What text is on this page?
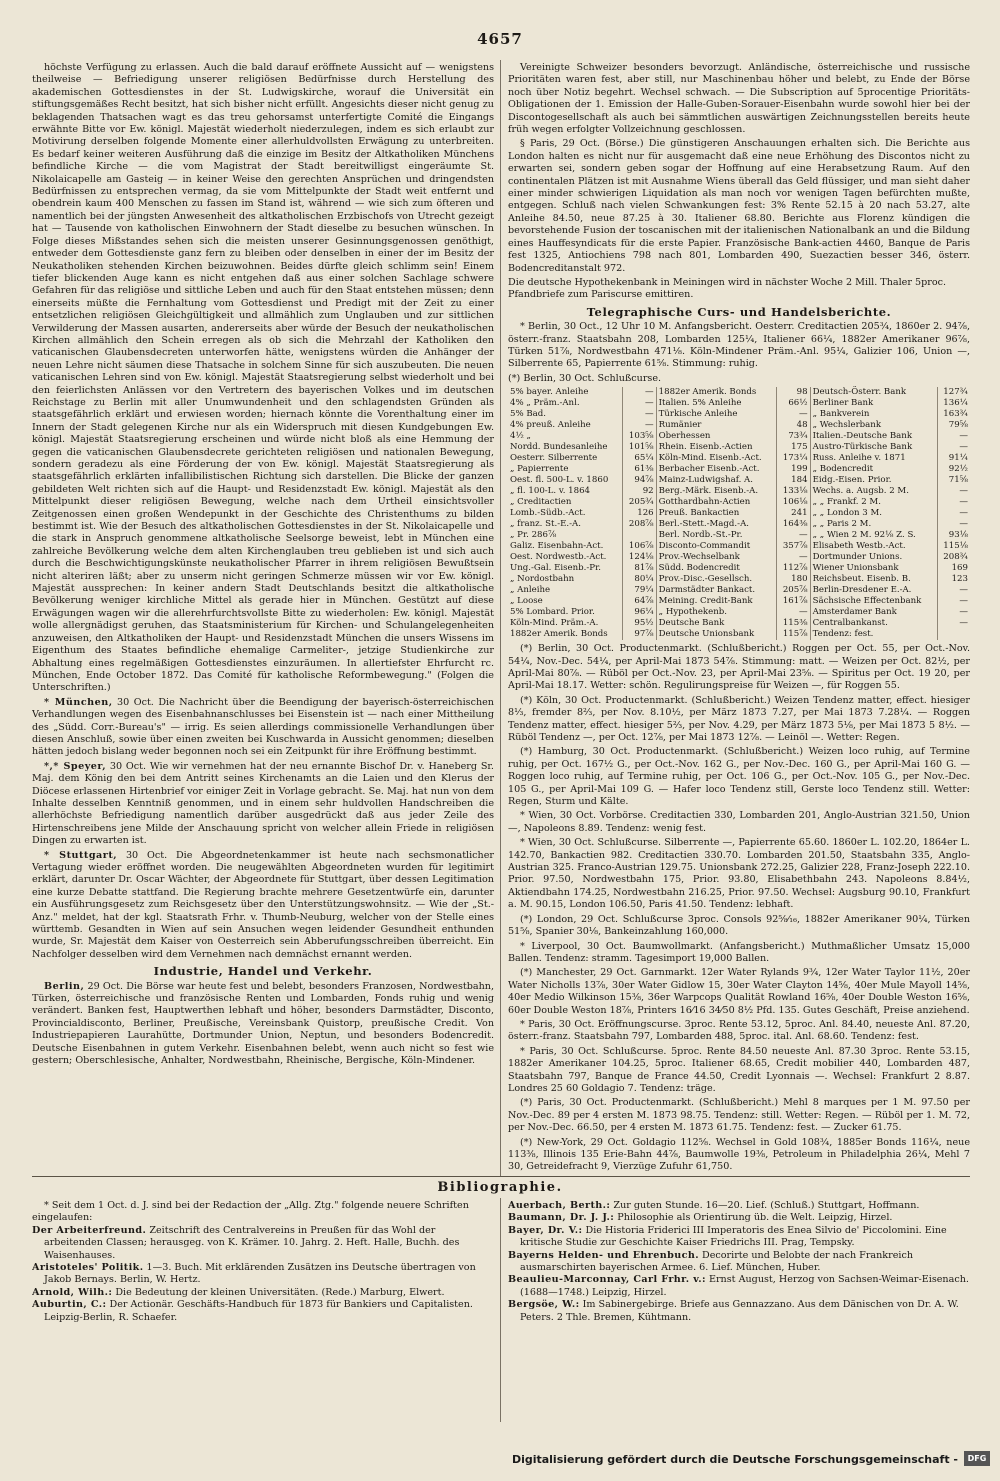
4657

höchste Verfügung zu erlassen. Auch die bald darauf eröffnete Aussicht auf — wenigstens theilweise — Befriedigung unserer religiösen Bedürfnisse durch Herstellung des akademischen Gottesdienstes in der St. Ludwigskirche, worauf die Universität ein stiftungsgemäßes Recht besitzt, hat sich bisher nicht erfüllt. Angesichts dieser nicht genug zu beklagenden Thatsachen wagt es das treu gehorsamst unterfertigte Comité die Eingangs erwähnte Bitte vor Ew. königl. Majestät wiederholt niederzulegen, indem es sich erlaubt zur Motivirung derselben folgende Momente einer allerhuldvollsten Erwägung zu unterbreiten. Es bedarf keiner weiteren Ausführung daß die einzige im Besitz der Altkatholiken Münchens befindliche Kirche — die vom Magistrat der Stadt bereitwilligst eingeräumte St. Nikolaicapelle am Gasteig — in keiner Weise den gerechten Ansprüchen und dringendsten Bedürfnissen zu entsprechen vermag, da sie vom Mittelpunkte der Stadt weit entfernt und obendrein kaum 400 Menschen zu fassen im Stand ist, während — wie sich zum öfteren und namentlich bei der jüngsten Anwesenheit des altkatholischen Erzbischofs von Utrecht gezeigt hat — Tausende von katholischen Einwohnern der Stadt dieselbe zu besuchen wünschen. In Folge dieses Mißstandes sehen sich die meisten unserer Gesinnungsgenossen genöthigt, entweder dem Gottesdienste ganz fern zu bleiben oder denselben in einer der im Besitz der Neukatholiken stehenden Kirchen beizuwohnen. Beides dürfte gleich schlimm sein! Einem tiefer blickenden Auge kann es nicht entgehen daß aus einer solchen Sachlage schwere Gefahren für das religiöse und sittliche Leben und auch für den Staat entstehen müssen; denn einerseits müßte die Fernhaltung vom Gottesdienst und Predigt mit der Zeit zu einer entsetzlichen religiösen Gleichgültigkeit und allmählich zum Unglauben und zur sittlichen Verwilderung der Massen ausarten, andererseits aber würde der Besuch der neukatholischen Kirchen allmählich den Schein erregen als ob sich die Mehrzahl der Katholiken den vaticanischen Glaubensdecreten unterworfen hätte, wenigstens würden die Anhänger der neuen Lehre nicht säumen diese Thatsache in solchem Sinne für sich auszubeuten. Die neuen vaticanischen Lehren sind von Ew. königl. Majestät Staatsregierung selbst wiederholt und bei den feierlichsten Anlässen vor den Vertretern des bayerischen Volkes und im deutschen Reichstage zu Berlin mit aller Unumwundenheit und den schlagendsten Gründen als staatsgefährlich erklärt und erwiesen worden; hiernach könnte die Vorenthaltung einer im Innern der Stadt gelegenen Kirche nur als ein Widerspruch mit diesen Kundgebungen Ew. königl. Majestät Staatsregierung erscheinen und würde nicht bloß als eine Hemmung der gegen die vaticanischen Glaubensdecrete gerichteten religiösen und nationalen Bewegung, sondern geradezu als eine Förderung der von Ew. königl. Majestät Staatsregierung als staatsgefährlich erklärten infallibilistischen Richtung sich darstellen. Die Blicke der ganzen gebildeten Welt richten sich auf die Haupt- und Residenzstadt Ew. königl. Majestät als den Mittelpunkt dieser religiösen Bewegung, welche nach dem Urtheil einsichtsvoller Zeitgenossen einen großen Wendepunkt in der Geschichte des Christenthums zu bilden bestimmt ist. Wie der Besuch des altkatholischen Gottesdienstes in der St. Nikolaicapelle und die stark in Anspruch genommene altkatholische Seelsorge beweist, lebt in München eine zahlreiche Bevölkerung welche dem alten Kirchenglauben treu geblieben ist und sich auch durch die Beschwichtigungskünste neukatholischer Pfarrer in ihrem religiösen Bewußtsein nicht alteriren läßt; aber zu unserm nicht geringen Schmerze müssen wir vor Ew. königl. Majestät aussprechen: In keiner andern Stadt Deutschlands besitzt die altkatholische Bevölkerung weniger kirchliche Mittel als gerade hier in München. Gestützt auf diese Erwägungen wagen wir die allerehrfurchtsvollste Bitte zu wiederholen: Ew. königl. Majestät wolle allergnädigst geruhen, das Staatsministerium für Kirchen- und Schulangelegenheiten anzuweisen, den Altkatholiken der Haupt- und Residenzstadt München die unsers Wissens im Eigenthum des Staates befindliche ehemalige Carmeliter-, jetzige Studienkirche zur Abhaltung eines regelmäßigen Gottesdienstes einzuräumen. In allertiefster Ehrfurcht rc. München, Ende October 1872. Das Comité für katholische Reformbewegung." (Folgen die Unterschriften.)

* München, 30 Oct. Die Nachricht über die Beendigung der bayerisch-österreichischen Verhandlungen wegen des Eisenbahnanschlusses bei Eisenstein ist — nach einer Mittheilung des „Südd. Corr.-Bureau's" — irrig. Es seien allerdings commissionelle Verhandlungen über diesen Anschluß, sowie über einen zweiten bei Kuschwarda in Aussicht genommen; dieselben hätten jedoch bislang weder begonnen noch sei ein Zeitpunkt für ihre Eröffnung bestimmt.

*,* Speyer, 30 Oct. Wie wir vernehmen hat der neu ernannte Bischof Dr. v. Haneberg Sr. Maj. dem König den bei dem Antritt seines Kirchenamts an die Laien und den Klerus der Diöcese erlassenen Hirtenbrief vor einiger Zeit in Vorlage gebracht. Se. Maj. hat nun von dem Inhalte desselben Kenntniß genommen, und in einem sehr huldvollen Handschreiben die allerhöchste Befriedigung namentlich darüber ausgedrückt daß aus jeder Zeile des Hirtenschreibens jene Milde der Anschauung spricht von welcher allein Friede in religiösen Dingen zu erwarten ist.

* Stuttgart, 30 Oct. Die Abgeordnetenkammer ist heute nach sechsmonatlicher Vertagung wieder eröffnet worden. Die neugewählten Abgeordneten wurden für legitimirt erklärt, darunter Dr. Oscar Wächter, der Abgeordnete für Stuttgart, über dessen Legitimation eine kurze Debatte stattfand. Die Regierung brachte mehrere Gesetzentwürfe ein, darunter ein Ausführungsgesetz zum Reichsgesetz über den Unterstützungswohnsitz. — Wie der „St.-Anz." meldet, hat der kgl. Staatsrath Frhr. v. Thumb-Neuburg, welcher von der Stelle eines württemb. Gesandten in Wien auf sein Ansuchen wegen leidender Gesundheit enthunden wurde, Sr. Majestät dem Kaiser von Oesterreich sein Abberufungsschreiben überreicht. Ein Nachfolger desselben wird dem Vernehmen nach demnächst ernannt werden.

Industrie, Handel und Verkehr.

Berlin, 29 Oct. Die Börse war heute fest und belebt, besonders Franzosen, Nordwestbahn, Türken, österreichische und französische Renten und Lombarden, Fonds ruhig und wenig verändert. Banken fest, Hauptwerthen lebhaft und höher, besonders Darmstädter, Disconto, Provincialdisconto, Berliner, Preußische, Vereinsbank Quistorp, preußische Credit. Von Industriepapieren Laurahütte, Dortmunder Union, Neptun, und besonders Bodencredit. Deutsche Eisenbahnen in gutem Verkehr. Eisenbahnen belebt, wenn auch nicht so fest wie gestern; Oberschlesische, Anhalter, Nordwestbahn, Rheinische, Bergische, Köln-Mindener.

Vereinigte Schweizer besonders bevorzugt. Anländische, österreichische und russische Prioritäten waren fest, aber still, nur Maschinenbau höher und belebt, zu Ende der Börse noch über Notiz begehrt. Wechsel schwach. — Die Subscription auf 5procentige Prioritäts-Obligationen der 1. Emission der Halle-Guben-Sorauer-Eisenbahn wurde sowohl hier bei der Discontogesellschaft als auch bei sämmtlichen auswärtigen Zeichnungsstellen bereits heute früh wegen erfolgter Vollzeichnung geschlossen.

§ Paris, 29 Oct. (Börse.) Die günstigeren Anschauungen erhalten sich. Die Berichte aus London halten es nicht nur für ausgemacht daß eine neue Erhöhung des Discontos nicht zu erwarten sei, sondern geben sogar der Hoffnung auf eine Herabsetzung Raum. Auf den continentalen Plätzen ist mit Ausnahme Wiens überall das Geld flüssiger, und man sieht daher einer minder schwierigen Liquidation als man noch vor wenigen Tagen befürchten mußte, entgegen. Schluß nach vielen Schwankungen fest: 3% Rente 52.15 à 20 nach 53.27, alte Anleihe 84.50, neue 87.25 à 30. Italiener 68.80. Berichte aus Florenz kündigen die bevorstehende Fusion der toscanischen mit der italienischen Nationalbank an und die Bildung eines Hauffesyndicats für die erste Papier. Französische Bank-actien 4460, Banque de Paris fest 1325, Antiochiens 798 nach 801, Lombarden 490, Suezactien besser 346, österr. Bodencreditanstalt 972.

Die deutsche Hypothekenbank in Meiningen wird in nächster Woche 2 Mill. Thaler 5proc. Pfandbriefe zum Pariscurse emittiren.

Telegraphische Curs- und Handelsberichte.

* Berlin, 30 Oct., 12 Uhr 10 M. Anfangsbericht. Oesterr. Creditactien 205¾, 1860er 2. 94⅞, österr.-franz. Staatsbahn 208, Lombarden 125¼, Italiener 66¼, 1882er Amerikaner 96⅞, Türken 51⅞, Nordwestbahn 471⅛. Köln-Mindener Präm.-Anl. 95¼, Galizier 106, Union —, Silberrente 65, Papierrente 61⅝. Stimmung: ruhig.

(*) Berlin, 30 Oct. Schlußcurse.

5% bayer. Anleihe	—	1882er Amerik. Bonds	98	Deutsch-Österr. Bank	127¾
4% „ Präm.-Anl.	—	Italien. 5% Anleihe	66½	Berliner Bank	136¼
5% Bad.	—	Türkische Anleihe	—	„ Bankverein	163¾
4% preuß. Anleihe	—	Rumänier	48	„ Wechslerbank	79⅝
4½ „	103⅝	Oberhessen	73¾	Italien.-Deutsche Bank	—
Nordd. Bundesanleihe	101⅝	Rhein. Eisenb.-Actien	175	Austro-Türkische Bank	—
Oesterr. Silberrente	65¼	Köln-Mind. Eisenb.-Act.	173¼	Russ. Anleihe v. 1871	91¼
„ Papierrente	61⅜	Berbacher Eisenb.-Act.	199	„ Bodencredit	92½
Oest. fl. 500-L. v. 1860	94⅞	Mainz-Ludwigshaf. A.	184	Eidg.-Eisen. Prior.	71⅝
„ fl. 100-L. v. 1864	92	Berg.-Märk. Eisenb.-A.	133⅛	Wechs. a. Augsb. 2 M.	—
„ Creditactien	205¾	Gotthardbahn-Actien	106⅛	„ „ Frankf. 2 M.	—
Lomb.-Südb.-Act.	126	Preuß. Bankactien	241	„ „ London 3 M.	—
„ franz. St.-E.-A.	208⅞	Berl.-Stett.-Magd.-A.	164⅜	„ „ Paris 2 M.	—
„ Pr. 286⅞		Berl. Nordb.-St.-Pr.	—	„ „ Wien 2 M. 92⅛ Z. S.	93⅛
Galiz. Eisenbahn-Act.	106⅞	Disconto-Commandit	357⅞	Elisabeth Westb.-Act.	115⅛
Oest. Nordwestb.-Act.	124⅛	Prov.-Wechselbank	—	Dortmunder Unions.	208¾
Ung.-Gal. Eisenb.-Pr.	81⅞	Südd. Bodencredit	112⅞	Wiener Unionsbank	169
„ Nordostbahn	80¼	Prov.-Disc.-Gesellsch.	180	Reichsbeut. Eisenb. B.	123
„ Anleihe	79¼	Darmstädter Bankact.	205⅞	Berlin-Dresdener E.-A.	—
„ Loose	64⅞	Meining. Credit-Bank	161⅞	Sächsische Effectenbank	—
5% Lombard. Prior.	96¼	„ Hypothekenb.	—	Amsterdamer Bank	—
Köln-Mind. Präm.-A.	95½	Deutsche Bank	115⅜	Centralbankanst.	—
1882er Amerik. Bonds	97⅞	Deutsche Unionsbank	115⅞	Tendenz: fest.	

(*) Berlin, 30 Oct. Productenmarkt. (Schlußbericht.) Roggen per Oct. 55, per Oct.-Nov. 54¼, Nov.-Dec. 54¼, per April-Mai 1873 54⅞. Stimmung: matt. — Weizen per Oct. 82½, per April-Mai 80⅞. — Rüböl per Oct.-Nov. 23, per April-Mai 23⅝. — Spiritus per Oct. 19 20, per April-Mai 18.17. Wetter: schön. Regulirungspreise für Weizen —, für Roggen 55.

(*) Köln, 30 Oct. Productenmarkt. (Schlußbericht.) Weizen Tendenz matter, effect. hiesiger 8⅓, fremder 8⅔, per Nov. 8.10½, per März 1873 7.27, per Mai 1873 7.28¼. — Roggen Tendenz matter, effect. hiesiger 5⅔, per Nov. 4.29, per März 1873 5⅛, per Mai 1873 5 8½. — Rüböl Tendenz —, per Oct. 12⅞, per Mai 1873 12⅞. — Leinöl —. Wetter: Regen.

(*) Hamburg, 30 Oct. Productenmarkt. (Schlußbericht.) Weizen loco ruhig, auf Termine ruhig, per Oct. 167½ G., per Oct.-Nov. 162 G., per Nov.-Dec. 160 G., per April-Mai 160 G. — Roggen loco ruhig, auf Termine ruhig, per Oct. 106 G., per Oct.-Nov. 105 G., per Nov.-Dec. 105 G., per April-Mai 109 G. — Hafer loco Tendenz still, Gerste loco Tendenz still. Wetter: Regen, Sturm und Kälte.

* Wien, 30 Oct. Vorbörse. Creditactien 330, Lombarden 201, Anglo-Austrian 321.50, Union —, Napoleons 8.89. Tendenz: wenig fest.

* Wien, 30 Oct. Schlußcurse. Silberrente —, Papierrente 65.60. 1860er L. 102.20, 1864er L. 142.70, Bankactien 982. Creditactien 330.70. Lombarden 201.50, Staatsbahn 335, Anglo-Austrian 325. Franco-Austrian 129.75. Unionsbank 272.25, Galizier 228, Franz-Joseph 222.10. Prior. 97.50, Nordwestbahn 175, Prior. 93.80, Elisabethbahn 243. Napoleons 8.84½, Aktiendbahn 174.25, Nordwestbahn 216.25, Prior. 97.50. Wechsel: Augsburg 90.10, Frankfurt a. M. 90.15, London 106.50, Paris 41.50. Tendenz: lebhaft.

(*) London, 29 Oct. Schlußcurse 3proc. Consols 92⅝⁄₁₆, 1882er Amerikaner 90¼, Türken 51⅝, Spanier 30⅛, Bankeinzahlung 160,000.

* Liverpool, 30 Oct. Baumwollmarkt. (Anfangsbericht.) Muthmaßlicher Umsatz 15,000 Ballen. Tendenz: stramm. Tagesimport 19,000 Ballen.

(*) Manchester, 29 Oct. Garnmarkt. 12er Water Rylands 9¾, 12er Water Taylor 11½, 20er Water Nicholls 13⅞, 30er Water Gidlow 15, 30er Water Clayton 14⅝, 40er Mule Mayoll 14⅝, 40er Medio Wilkinson 15⅜, 36er Warpcops Qualität Rowland 16⅝, 40er Double Weston 16⅝, 60er Double Weston 18⅞, Printers 16⁄16 34⁄50 8½ Pfd. 135. Gutes Geschäft, Preise anziehend.

* Paris, 30 Oct. Eröffnungscurse. 3proc. Rente 53.12, 5proc. Anl. 84.40, neueste Anl. 87.20, österr.-franz. Staatsbahn 797, Lombarden 488, 5proc. ital. Anl. 68.60. Tendenz: fest.

* Paris, 30 Oct. Schlußcurse. 5proc. Rente 84.50 neueste Anl. 87.30 3proc. Rente 53.15, 1882er Amerikaner 104.25, 5proc. Italiener 68.65, Credit mobilier 440, Lombarden 487, Staatsbahn 797, Banque de France 44.50, Credit Lyonnais —. Wechsel: Frankfurt 2 8.87. Londres 25 60 Goldagio 7. Tendenz: träge.

(*) Paris, 30 Oct. Productenmarkt. (Schlußbericht.) Mehl 8 marques per 1 M. 97.50 per Nov.-Dec. 89 per 4 ersten M. 1873 98.75. Tendenz: still. Wetter: Regen. — Rüböl per 1. M. 72, per Nov.-Dec. 66.50, per 4 ersten M. 1873 61.75. Tendenz: fest. — Zucker 61.75.

(*) New-York, 29 Oct. Goldagio 112⅝. Wechsel in Gold 108¾, 1885er Bonds 116¼, neue 113⅜, Illinois 135 Erie-Bahn 44⅞, Baumwolle 19⅜, Petroleum in Philadelphia 26¼, Mehl 7 30, Getreidefracht 9, Vierzüge Zufuhr 61,750.

Bibliographie.

* Seit dem 1 Oct. d. J. sind bei der Redaction der „Allg. Ztg." folgende neuere Schriften eingelaufen:

Der Arbeiterfreund. Zeitschrift des Centralvereins in Preußen für das Wohl der arbeitenden Classen; herausgeg. von K. Krämer. 10. Jahrg. 2. Heft. Halle, Buchh. des Waisenhauses.

Aristoteles' Politik. 1—3. Buch. Mit erklärenden Zusätzen ins Deutsche übertragen von Jakob Bernays. Berlin, W. Hertz.

Arnold, Wilh.: Die Bedeutung der kleinen Universitäten. (Rede.) Marburg, Elwert.

Auburtin, C.: Der Actionär. Geschäfts-Handbuch für 1873 für Bankiers und Capitalisten. Leipzig-Berlin, R. Schaefer.

Auerbach, Berth.: Zur guten Stunde. 16—20. Lief. (Schluß.) Stuttgart, Hoffmann.

Baumann, Dr. J. J.: Philosophie als Orientirung üb. die Welt. Leipzig, Hirzel.

Bayer, Dr. V.: Die Historia Friderici III Imperatoris des Enea Silvio de' Piccolomini. Eine kritische Studie zur Geschichte Kaiser Friedrichs III. Prag, Tempsky.

Bayerns Helden- und Ehrenbuch. Decorirte und Belobte der nach Frankreich ausmarschirten bayerischen Armee. 6. Lief. München, Huber.

Beaulieu-Marconnay, Carl Frhr. v.: Ernst August, Herzog von Sachsen-Weimar-Eisenach. (1688—1748.) Leipzig, Hirzel.

Bergsöe, W.: Im Sabinergebirge. Briefe aus Gennazzano. Aus dem Dänischen von Dr. A. W. Peters. 2 Thle. Bremen, Kühtmann.

Digitalisierung gefördert durch die Deutsche Forschungsgemeinschaft -	DFG
